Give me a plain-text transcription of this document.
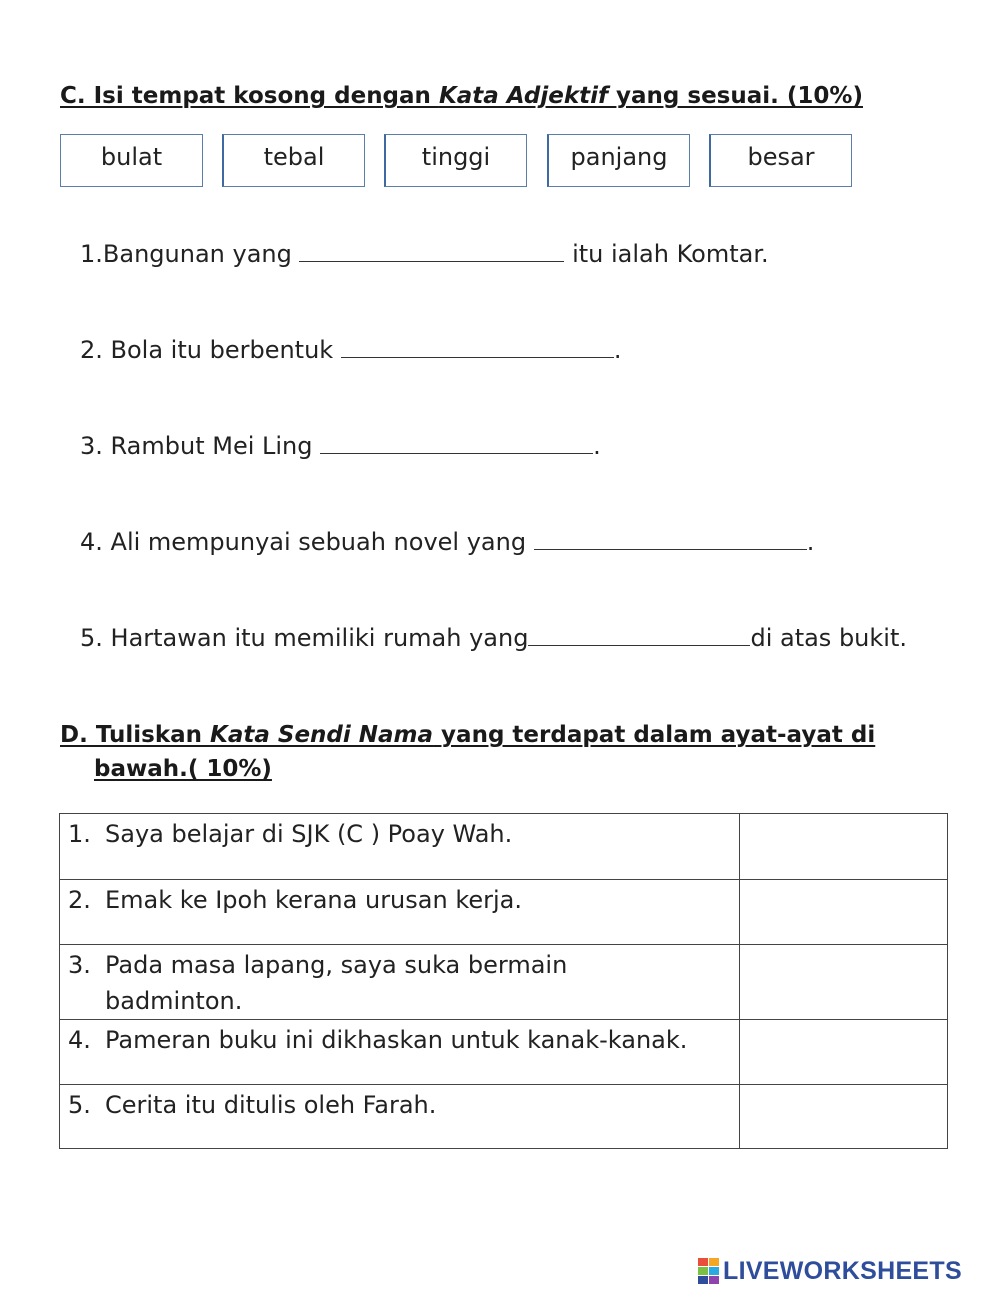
C. Isi tempat kosong dengan Kata Adjektif yang sesuai. (10%)
bulat	tebal	tinggi	panjang	besar
1.Bangunan yang	itu ialah Komtar.
2. Bola itu berbentuk	.
3. Rambut Mei Ling	.
4. Ali mempunyai sebuah novel yang	.
5. Hartawan itu memiliki rumah yang	di atas bukit.
D. Tuliskan Kata Sendi Nama yang terdapat dalam ayat-ayat di
bawah.( 10%)
1. Saya belajar di SJK (C ) Poay Wah.	

2. Emak ke Ipoh kerana urusan kerja.	

3. Pada masa lapang, saya suka bermain
badminton.	

4. Pameran buku ini dikhaskan untuk kanak-kanak.	

5. Cerita itu ditulis oleh Farah.	

LIVEWORKSHEETS
